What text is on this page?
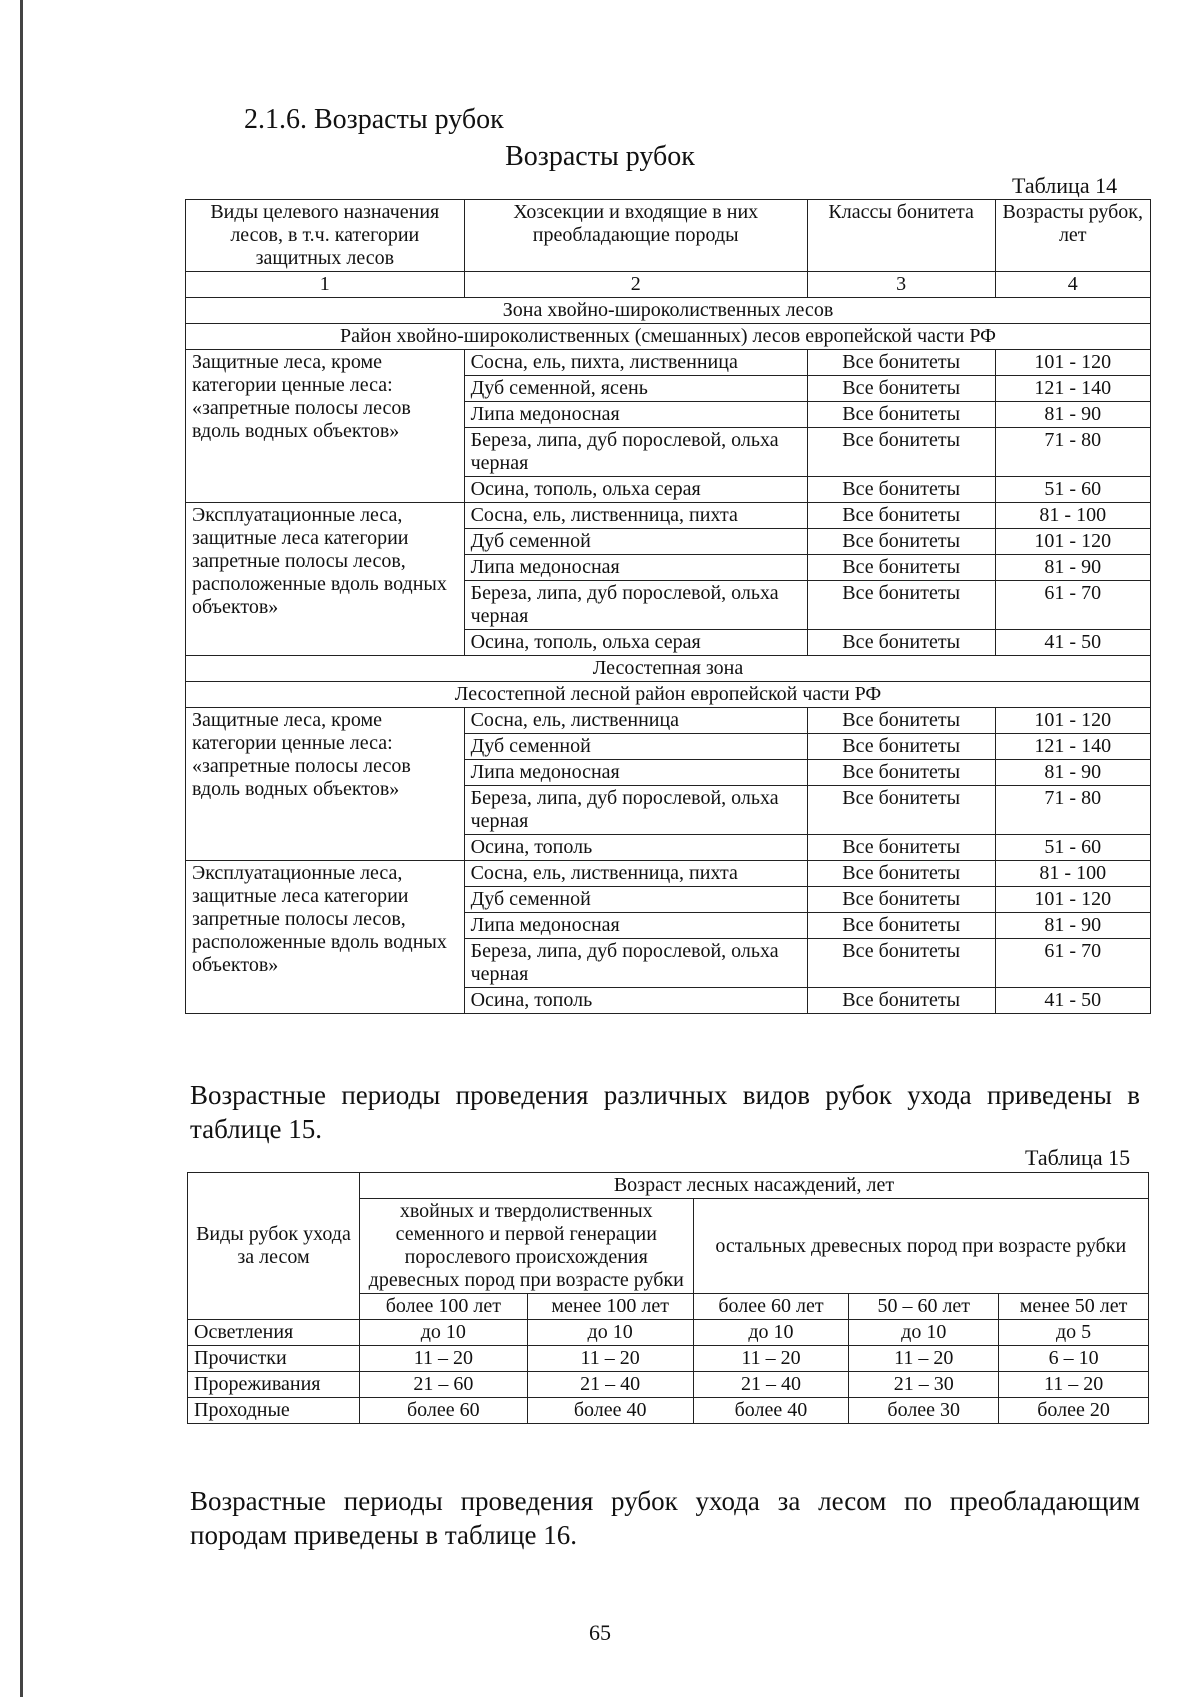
2.1.6. Возрасты рубок
Возрасты рубок
Таблица 14
Виды целевого назначения лесов, в т.ч. категории защитных лесов	Хозсекции и входящие в них преобладающие породы	Классы бонитета	Возрасты рубок, лет
1	2	3	4
Зона хвойно-широколиственных лесов			
Район хвойно-широколиственных (смешанных) лесов европейской части РФ			
Защитные леса, кроме категории ценные леса: «запретные полосы лесов вдоль водных объектов»	Сосна, ель, пихта, лиственница	Все бонитеты	101 - 120
	Дуб семенной, ясень	Все бонитеты	121 - 140
	Липа медоносная	Все бонитеты	81 - 90
	Береза, липа, дуб порослевой, ольха черная	Все бонитеты	71 - 80
	Осина, тополь, ольха серая	Все бонитеты	51 - 60
Эксплуатационные леса, защитные леса категории запретные полосы лесов, расположенные вдоль водных объектов»	Сосна, ель, лиственница, пихта	Все бонитеты	81 - 100
	Дуб семенной	Все бонитеты	101 - 120
	Липа медоносная	Все бонитеты	81 - 90
	Береза, липа, дуб порослевой, ольха черная	Все бонитеты	61 - 70
	Осина, тополь, ольха серая	Все бонитеты	41 - 50
Лесостепная зона			
Лесостепной лесной район европейской части РФ			
Защитные леса, кроме категории ценные леса: «запретные полосы лесов вдоль водных объектов»	Сосна, ель, лиственница	Все бонитеты	101 - 120
	Дуб семенной	Все бонитеты	121 - 140
	Липа медоносная	Все бонитеты	81 - 90
	Береза, липа, дуб порослевой, ольха черная	Все бонитеты	71 - 80
	Осина, тополь	Все бонитеты	51 - 60
Эксплуатационные леса, защитные леса категории запретные полосы лесов, расположенные вдоль водных объектов»	Сосна, ель, лиственница, пихта	Все бонитеты	81 - 100
	Дуб семенной	Все бонитеты	101 - 120
	Липа медоносная	Все бонитеты	81 - 90
	Береза, липа, дуб порослевой, ольха черная	Все бонитеты	61 - 70
	Осина, тополь	Все бонитеты	41 - 50
Возрастные периоды проведения различных видов рубок ухода приведены в таблице 15.
Таблица 15
Виды рубок ухода за лесом	Возраст лесных насаждений, лет				
	хвойных и твердолиственных семенного и первой генерации порослевого происхождения древесных пород при возрасте рубки		остальных древесных пород при возрасте рубки		
	более 100 лет	менее 100 лет	более 60 лет	50 – 60 лет	менее 50 лет
Осветления	до 10	до 10	до 10	до 10	до 5
Прочистки	11 – 20	11 – 20	11 – 20	11 – 20	6 – 10
Прореживания	21 – 60	21 – 40	21 – 40	21 – 30	11 – 20
Проходные	более 60	более 40	более 40	более 30	более 20
Возрастные периоды проведения рубок ухода за лесом по преобладающим породам приведены в таблице 16.
65
